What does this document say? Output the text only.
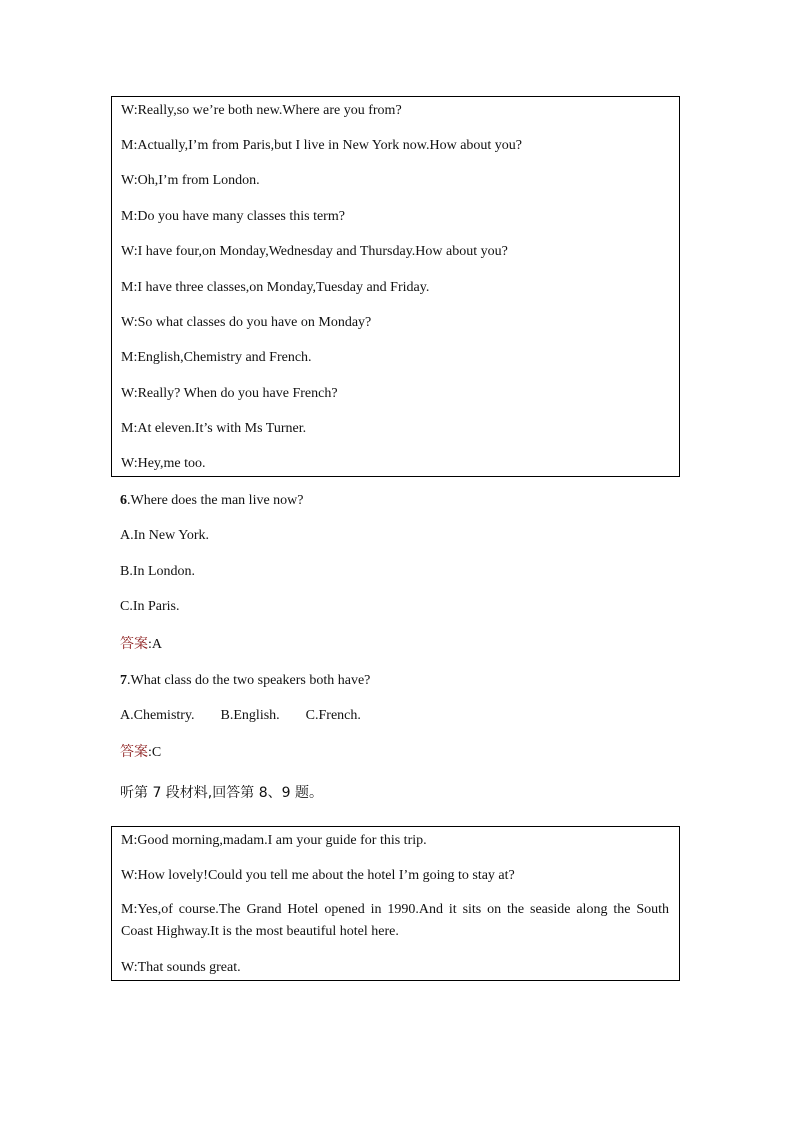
W:Really,so we’re both new.Where are you from?

M:Actually,I’m from Paris,but I live in New York now.How about you?

W:Oh,I’m from London.

M:Do you have many classes this term?

W:I have four,on Monday,Wednesday and Thursday.How about you?

M:I have three classes,on Monday,Tuesday and Friday.

W:So what classes do you have on Monday?

M:English,Chemistry and French.

W:Really? When do you have French?

M:At eleven.It’s with Ms Turner.

W:Hey,me too.

6.Where does the man live now?

A.In New York.

B.In London.

C.In Paris.

答案:A

7.What class do the two speakers both have?

A.Chemistry. B.English. C.French.

答案:C

听第 7 段材料,回答第 8、9 题。

M:Good morning,madam.I am your guide for this trip.

W:How lovely!Could you tell me about the hotel I’m going to stay at?

M:Yes,of course.The Grand Hotel opened in 1990.And it sits on the seaside along the South Coast Highway.It is the most beautiful hotel here.

W:That sounds great.
